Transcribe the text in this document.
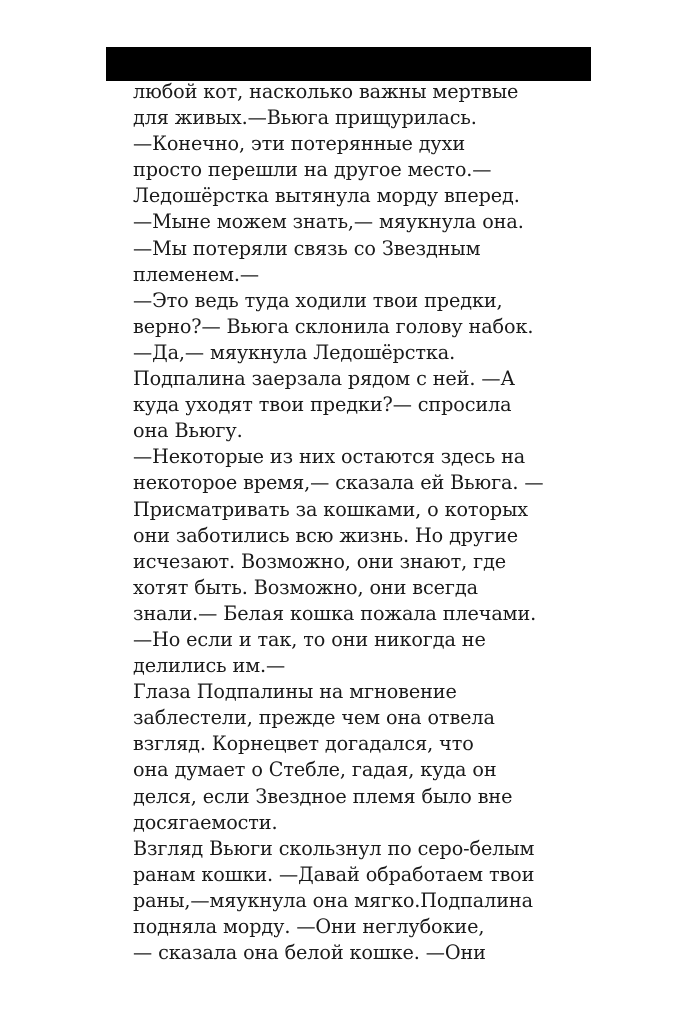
любой кот, насколько важны мертвые
для живых.—Вьюга прищурилась.
—Конечно, эти потерянные духи
просто перешли на другое место.—
Ледошёрстка вытянула морду вперед.
—Мыне можем знать,— мяукнула она.
—Мы потеряли связь со Звездным
племенем.—
—Это ведь туда ходили твои предки,
верно?— Вьюга склонила голову набок.
—Да,— мяукнула Ледошёрстка.
Подпалина заерзала рядом с ней. —А
куда уходят твои предки?— спросила
она Вьюгу.
—Некоторые из них остаются здесь на
некоторое время,— сказала ей Вьюга. —
Присматривать за кошками, о которых
они заботились всю жизнь. Но другие
исчезают. Возможно, они знают, где
хотят быть. Возможно, они всегда
знали.— Белая кошка пожала плечами.
—Но если и так, то они никогда не
делились им.—
Глаза Подпалины на мгновение
заблестели, прежде чем она отвела
взгляд. Корнецвет догадался, что
она думает о Стебле, гадая, куда он
делся, если Звездное племя было вне
досягаемости.
Взгляд Вьюги скользнул по серо-белым
ранам кошки. —Давай обработаем твои
раны,—мяукнула она мягко.Подпалина
подняла морду. —Они неглубокие,
— сказала она белой кошке. —Они
